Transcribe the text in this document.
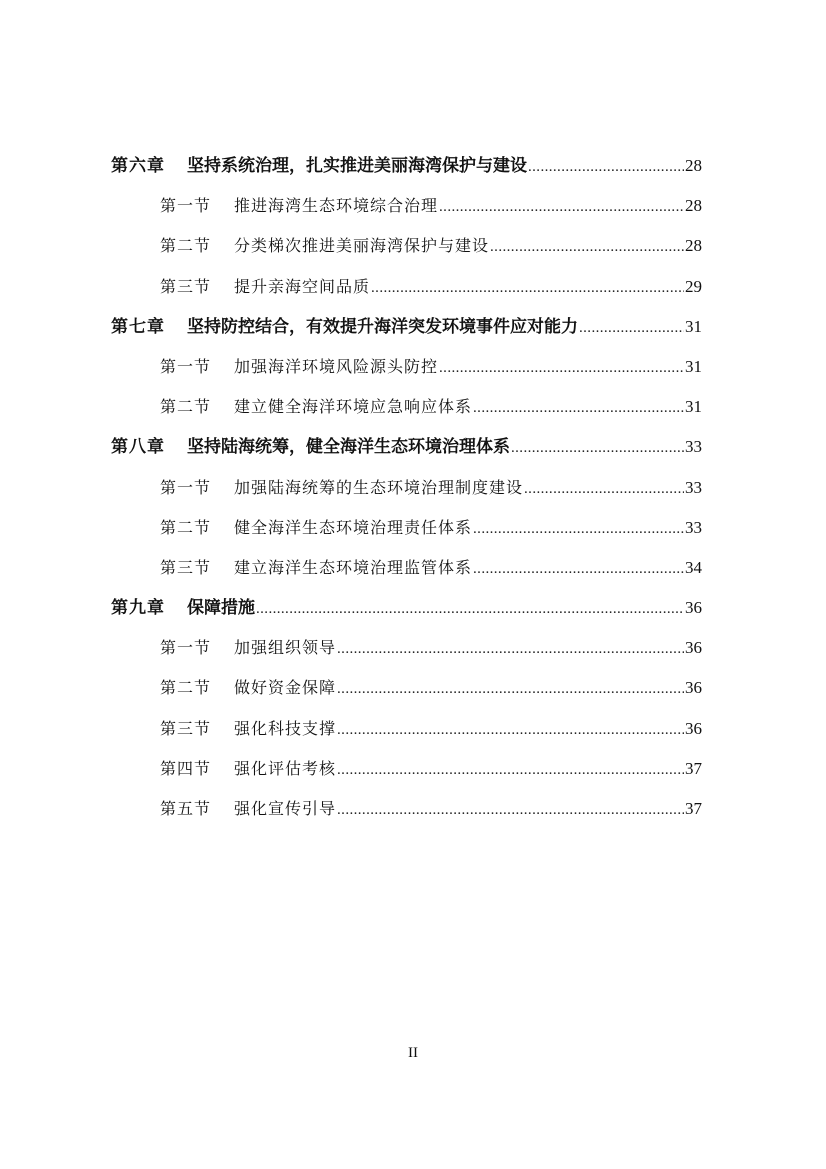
第六章	坚持系统治理，扎实推进美丽海湾保护与建设 .....	28
第一节	推进海湾生态环境综合治理 .....	28
第二节	分类梯次推进美丽海湾保护与建设 .....	28
第三节	提升亲海空间品质 .....	29
第七章	坚持防控结合，有效提升海洋突发环境事件应对能力 .....	31
第一节	加强海洋环境风险源头防控 .....	31
第二节	建立健全海洋环境应急响应体系 .....	31
第八章	坚持陆海统筹，健全海洋生态环境治理体系 .....	33
第一节	加强陆海统筹的生态环境治理制度建设 .....	33
第二节	健全海洋生态环境治理责任体系 .....	33
第三节	建立海洋生态环境治理监管体系 .....	34
第九章	保障措施 .....	36
第一节	加强组织领导 .....	36
第二节	做好资金保障 .....	36
第三节	强化科技支撑 .....	36
第四节	强化评估考核 .....	37
第五节	强化宣传引导 .....	37
II
